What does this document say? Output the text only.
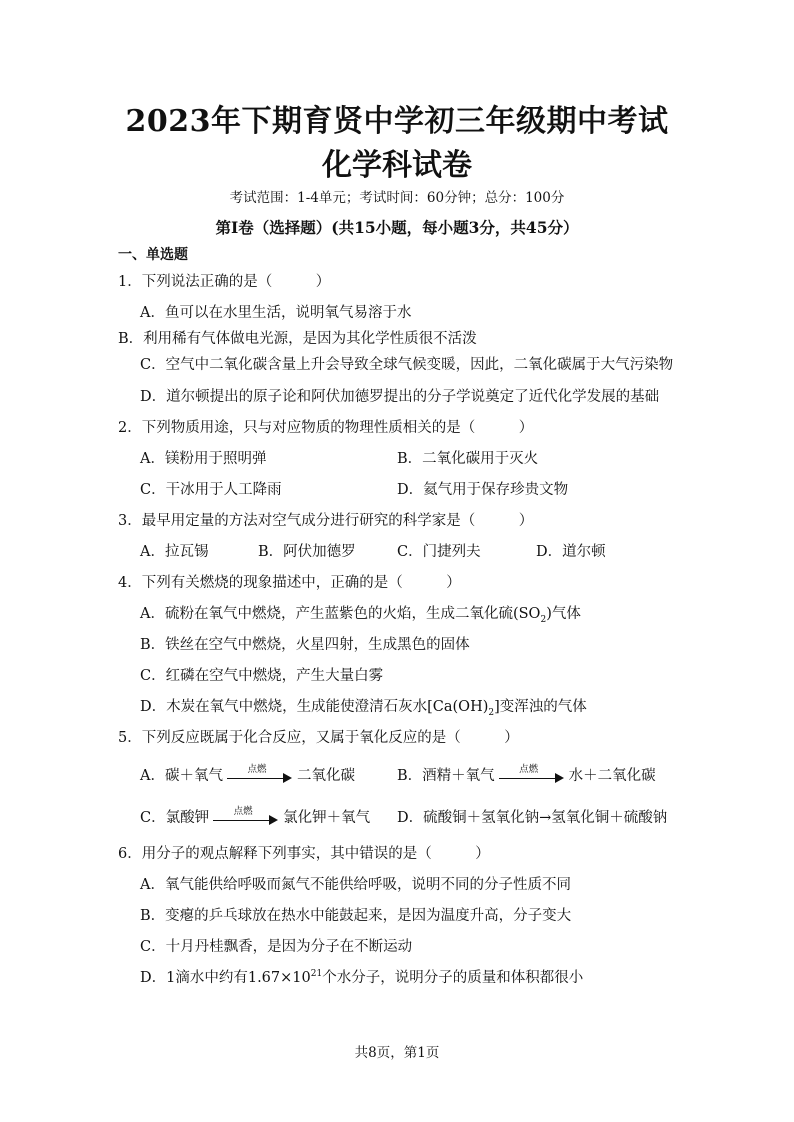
2023年下期育贤中学初三年级期中考试
化学科试卷
考试范围：1-4单元；考试时间：60分钟；总分：100分
第I卷（选择题）(共15小题，每小题3分，共45分）
一、单选题
1．下列说法正确的是（　　　）
A．鱼可以在水里生活，说明氧气易溶于水
B．利用稀有气体做电光源，是因为其化学性质很不活泼
C．空气中二氧化碳含量上升会导致全球气候变暖，因此，二氧化碳属于大气污染物
D．道尔顿提出的原子论和阿伏加德罗提出的分子学说奠定了近代化学发展的基础
2．下列物质用途，只与对应物质的物理性质相关的是（　　　）
A．镁粉用于照明弹	B．二氧化碳用于灭火
C．干冰用于人工降雨	D．氦气用于保存珍贵文物
3．最早用定量的方法对空气成分进行研究的科学家是（　　　）
A．拉瓦锡	B．阿伏加德罗	C．门捷列夫	D．道尔顿
4．下列有关燃烧的现象描述中，正确的是（　　　）
A．硫粉在氧气中燃烧，产生蓝紫色的火焰，生成二氧化硫$(SO_2)$气体
B．铁丝在空气中燃烧，火星四射，生成黑色的固体
C．红磷在空气中燃烧，产生大量白雾
D．木炭在氧气中燃烧，生成能使澄清石灰水$[Ca(OH)_2]$变浑浊的气体
5．下列反应既属于化合反应，又属于氧化反应的是（　　　）
A．碳＋氧气	点燃	二氧化碳	B．酒精＋氧气	点燃	水＋二氧化碳
C．氯酸钾	点燃	氯化钾＋氧气 D．硫酸铜＋氢氧化钠→氢氧化铜＋硫酸钠
6．用分子的观点解释下列事实，其中错误的是（　　　）
A．氧气能供给呼吸而氮气不能供给呼吸，说明不同的分子性质不同
B．变瘪的乒乓球放在热水中能鼓起来，是因为温度升高，分子变大
C．十月丹桂飘香，是因为分子在不断运动
D．1滴水中约有$1.67\times 10^{21}$个水分子，说明分子的质量和体积都很小
共8页，第1页
